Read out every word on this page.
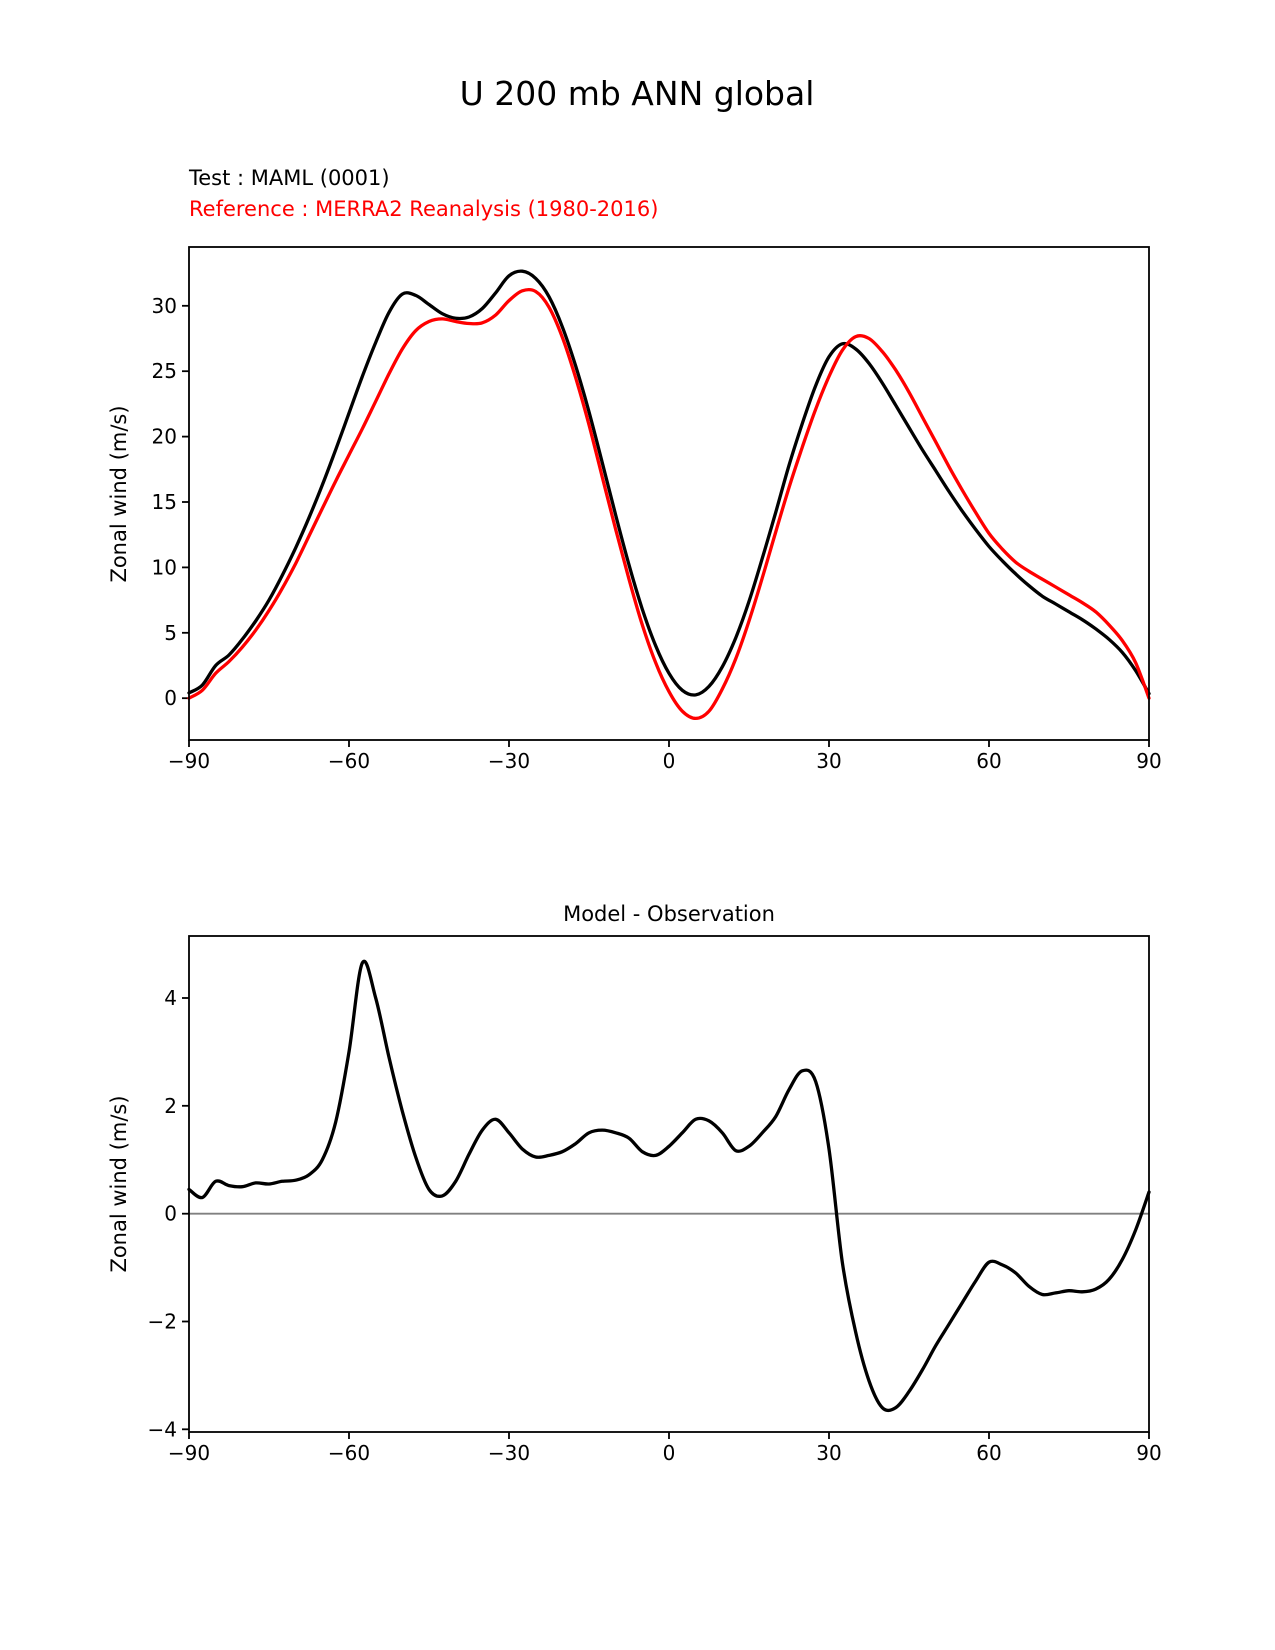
U 200 mb ANN global
Test : MAML (0001)
Reference : MERRA2 Reanalysis (1980-2016)
Zonal wind (m/s)
Model - Observation
Zonal wind (m/s)
−90	−60	−30	0	30	60	90
0
5
10
15
20
25
30
−90	−60	−30	0	30	60	90
−4
−2
0
2
4
